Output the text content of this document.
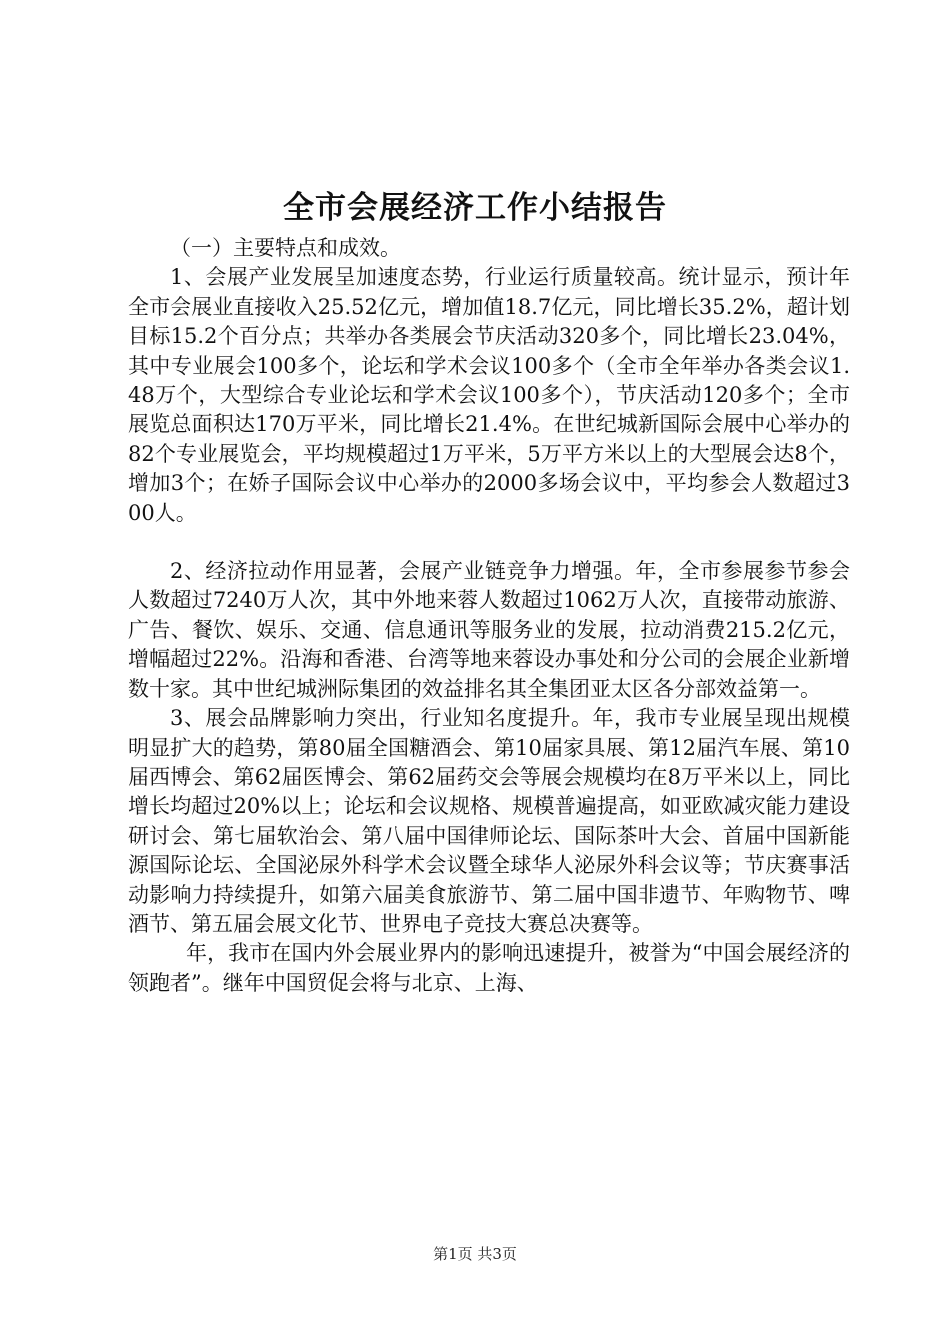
全市会展经济工作小结报告

（一）主要特点和成效。

1、会展产业发展呈加速度态势，行业运行质量较高。统计显示，预计年全市会展业直接收入25.52亿元，增加值18.7亿元，同比增长35.2%，超计划目标15.2个百分点；共举办各类展会节庆活动320多个，同比增长23.04%，其中专业展会100多个，论坛和学术会议100多个（全市全年举办各类会议1.48万个，大型综合专业论坛和学术会议100多个），节庆活动120多个；全市展览总面积达170万平米，同比增长21.4%。在世纪城新国际会展中心举办的82个专业展览会，平均规模超过1万平米，5万平方米以上的大型展会达8个，增加3个；在娇子国际会议中心举办的2000多场会议中，平均参会人数超过300人。

2、经济拉动作用显著，会展产业链竞争力增强。年，全市参展参节参会人数超过7240万人次，其中外地来蓉人数超过1062万人次，直接带动旅游、广告、餐饮、娱乐、交通、信息通讯等服务业的发展，拉动消费215.2亿元，增幅超过22%。沿海和香港、台湾等地来蓉设办事处和分公司的会展企业新增数十家。其中世纪城洲际集团的效益排名其全集团亚太区各分部效益第一。

3、展会品牌影响力突出，行业知名度提升。年，我市专业展呈现出规模明显扩大的趋势，第80届全国糖酒会、第10届家具展、第12届汽车展、第10届西博会、第62届医博会、第62届药交会等展会规模均在8万平米以上，同比增长均超过20%以上；论坛和会议规格、规模普遍提高，如亚欧减灾能力建设研讨会、第七届软治会、第八届中国律师论坛、国际茶叶大会、首届中国新能源国际论坛、全国泌尿外科学术会议暨全球华人泌尿外科会议等；节庆赛事活动影响力持续提升，如第六届美食旅游节、第二届中国非遗节、年购物节、啤酒节、第五届会展文化节、世界电子竞技大赛总决赛等。

年，我市在国内外会展业界内的影响迅速提升，被誉为“中国会展经济的领跑者”。继年中国贸促会将与北京、上海、

第1页 共3页
